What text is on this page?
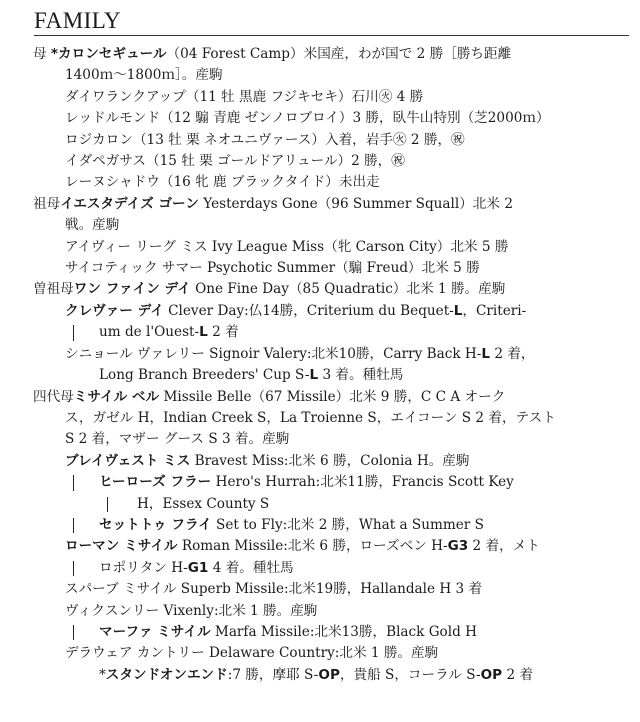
FAMILY
母 *カロンセギュール（04 Forest Camp）米国産，わが国で 2 勝［勝ち距離
1400ｍ～1800ｍ］。産駒
ダイワランクアップ（11 牡 黒鹿 フジキセキ）石川㊋ 4 勝
レッドルモンド（12 騸 青鹿 ゼンノロブロイ）3 勝，臥牛山特別（芝2000ｍ）
ロジカロン（13 牡 栗 ネオユニヴァース）入着，岩手㊋ 2 勝，㊗
イダペガサス（15 牡 栗 ゴールドアリュール）2 勝，㊗
レーヌシャドウ（16 牝 鹿 ブラックタイド）未出走
祖母イエスタデイズ ゴーン Yesterdays Gone（96 Summer Squall）北米 2
戦。産駒
アイヴィー リーグ ミス Ivy League Miss（牝 Carson City）北米 5 勝
サイコティック サマー Psychotic Summer（騸 Freud）北米 5 勝
曽祖母ワン ファイン デイ One Fine Day（85 Quadratic）北米 1 勝。産駒
クレヴァー デイ Clever Day:仏14勝，Criterium du Bequet-L，Criteri-
um de l'Ouest-L 2 着
シニョール ヴァレリー Signoir Valery:北米10勝，Carry Back H-L 2 着，
Long Branch Breeders' Cup S-L 3 着。種牡馬
四代母ミサイル ベル Missile Belle（67 Missile）北米 9 勝，C C A オーク
ス，ガゼル H，Indian Creek S，La Troienne S，エイコーン S 2 着，テスト
S 2 着，マザー グース S 3 着。産駒
ブレイヴェスト ミス Bravest Miss:北米 6 勝，Colonia H。産駒
ヒーローズ フラー Hero's Hurrah:北米11勝，Francis Scott Key
H，Essex County S
セットトゥ フライ Set to Fly:北米 2 勝，What a Summer S
ローマン ミサイル Roman Missile:北米 6 勝，ローズベン H-G3 2 着，メト
ロポリタン H-G1 4 着。種牡馬
スパーブ ミサイル Superb Missile:北米19勝，Hallandale H 3 着
ヴィクスンリー Vixenly:北米 1 勝。産駒
マーファ ミサイル Marfa Missile:北米13勝，Black Gold H
デラウェア カントリー Delaware Country:北米 1 勝。産駒
*スタンドオンエンド:7 勝，摩耶 S-OP，貴船 S，コーラル S-OP 2 着
